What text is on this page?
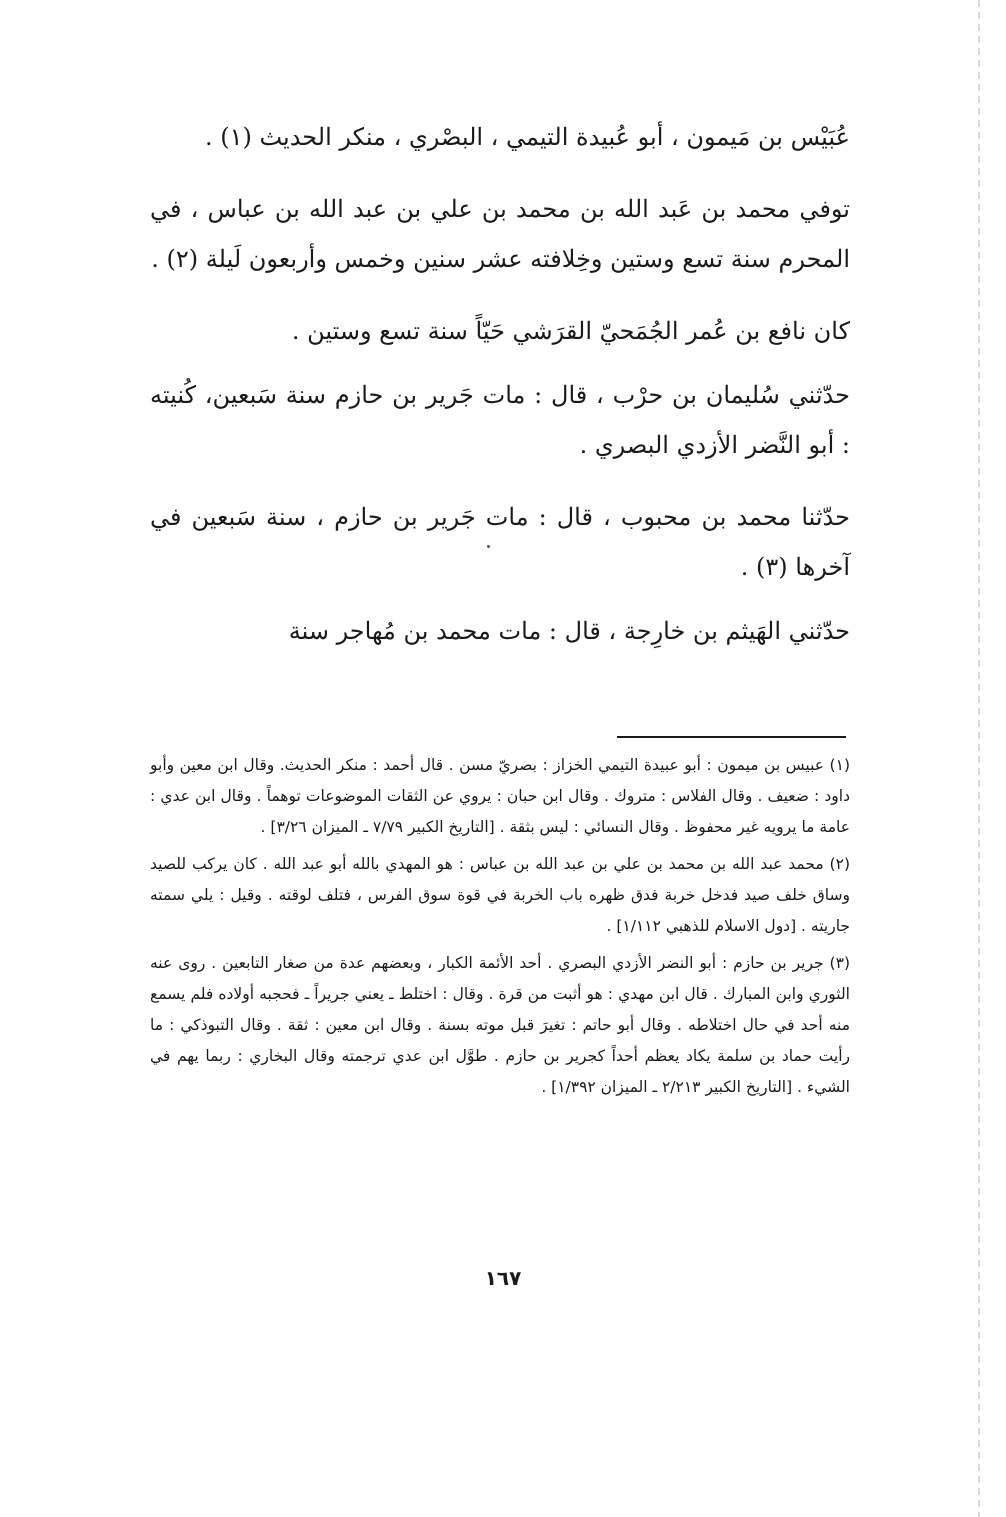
عُبَيْس بن مَيمون ، أبو عُبيدة التيمي ، البصْري ، منكر الحديث (١) .

توفي محمد بن عَبد الله بن محمد بن علي بن عبد الله بن عباس ، في المحرم سنة تسع وستين وخِلافته عشر سنين وخمس وأربعون لَيلة (٢) .

كان نافع بن عُمر الجُمَحيّ القرَشي حَيّاً سنة تسع وستين .

حدّثني سُليمان بن حرْب ، قال : مات جَرير بن حازم سنة سَبعين، كُنيته : أبو النَّضر الأزدي البصري .

حدّثنا محمد بن محبوب ، قال : مات جَرير بن حازم ، سنة سَبعين في آخرها (٣) .

حدّثني الهَيثم بن خارِجة ، قال : مات محمد بن مُهاجر سنة

(١) عبيس بن ميمون : أبو عبيدة التيمي الخزاز : بصريّ مسن . قال أحمد : منكر الحديث. وقال ابن معين وأبو داود : ضعيف . وقال الفلاس : متروك . وقال ابن حبان : يروي عن الثقات الموضوعات توهماً . وقال ابن عدي : عامة ما يرويه غير محفوظ . وقال النسائي : ليس بثقة . [التاريخ الكبير ٧/٧٩ ـ الميزان ٣/٢٦] .

(٢) محمد عبد الله بن محمد بن علي بن عبد الله بن عباس : هو المهدي بالله أبو عبد الله . كان يركب للصيد وساق خلف صيد فدخل خربة فدق ظهره باب الخربة في قوة سوق الفرس ، فتلف لوقته . وقيل : يلي سمته جاريته . [دول الاسلام للذهبي ١/١١٢] .

(٣) جرير بن حازم : أبو النضر الأزدي البصري . أحد الأئمة الكبار ، وبعضهم عدة من صغار التابعين . روى عنه الثوري وابن المبارك . قال ابن مهدي : هو أثبت من قرة . وقال : اختلط ـ يعني جريراً ـ فحجبه أولاده فلم يسمع منه أحد في حال اختلاطه . وقال أبو حاتم : تغيرَ قبل موته بسنة . وقال ابن معين : ثقة . وقال التبوذكي : ما رأيت حماد بن سلمة يكاد يعظم أحداً كجرير بن حازم . طوَّل ابن عدي ترجمته وقال البخاري : ربما يهم في الشيء . [التاريخ الكبير ٢/٢١٣ ـ الميزان ١/٣٩٢] .

١٦٧
